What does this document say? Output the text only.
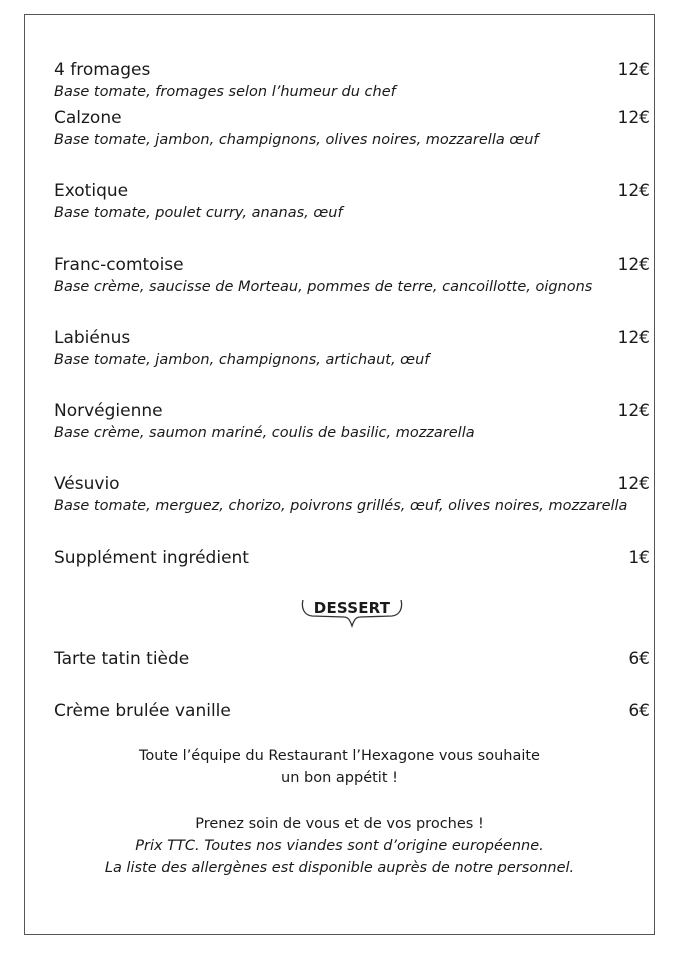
4 fromages	12€
Base tomate, fromages selon l’humeur du chef
Calzone	12€
Base tomate, jambon, champignons, olives noires, mozzarella œuf
Exotique	12€
Base tomate, poulet curry, ananas, œuf
Franc-comtoise	12€
Base crème, saucisse de Morteau, pommes de terre, cancoillotte, oignons
Labiénus	12€
Base tomate, jambon, champignons, artichaut, œuf
Norvégienne	12€
Base crème, saumon mariné, coulis de basilic, mozzarella
Vésuvio	12€
Base tomate, merguez, chorizo, poivrons grillés, œuf, olives noires, mozzarella
Supplément ingrédient	1€
DESSERT
Tarte tatin tiède	6€
Crème brulée vanille	6€
Toute l’équipe du Restaurant l’Hexagone vous souhaite
un bon appétit !
Prenez soin de vous et de vos proches !
Prix TTC. Toutes nos viandes sont d’origine européenne.
La liste des allergènes est disponible auprès de notre personnel.
